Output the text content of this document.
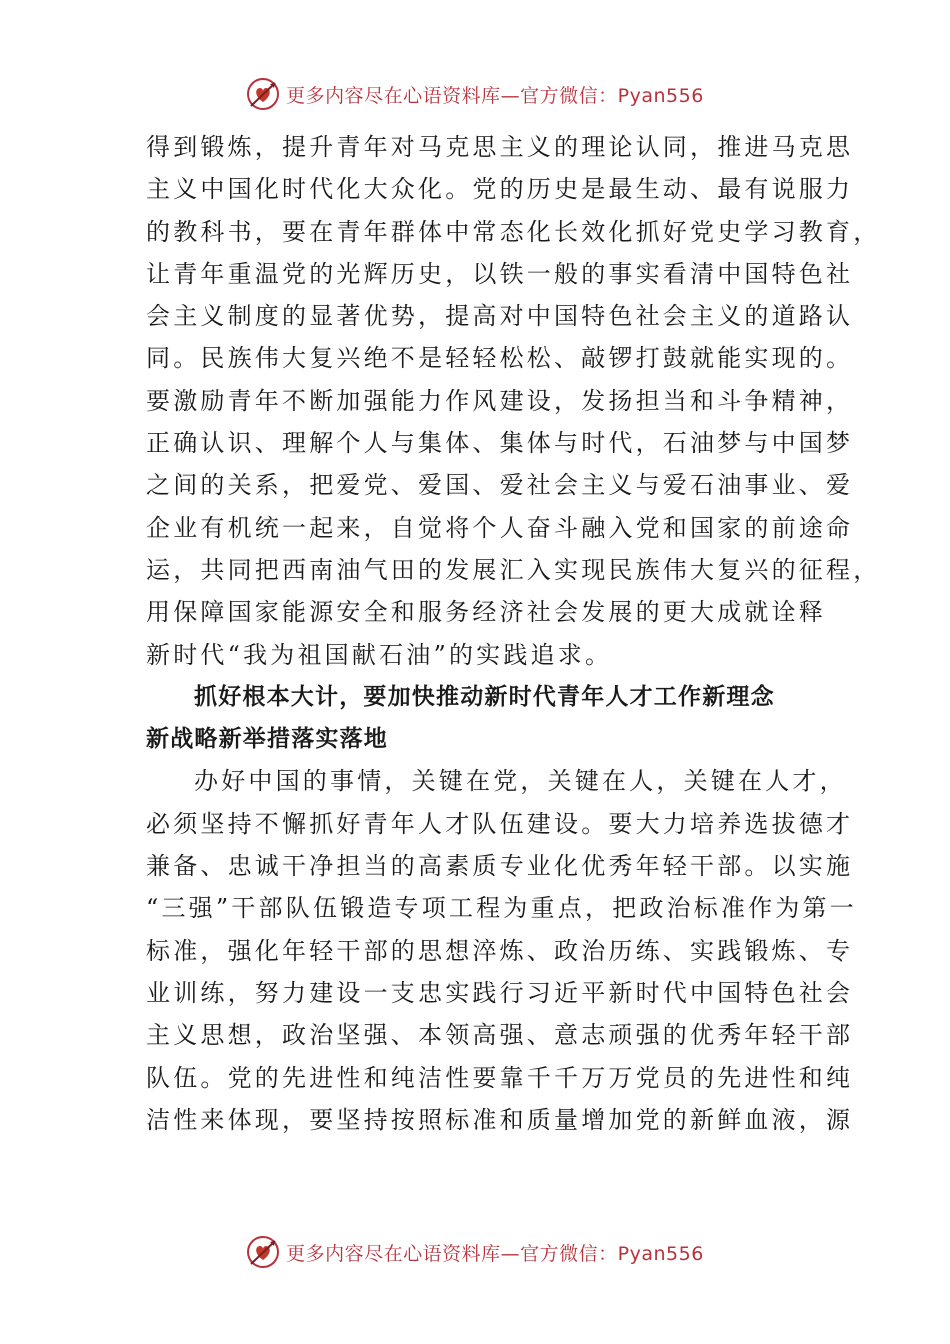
更多内容尽在心语资料库—官方微信：Pyan556
得到锻炼，提升青年对马克思主义的理论认同，推进马克思
主义中国化时代化大众化。党的历史是最生动、最有说服力
的教科书，要在青年群体中常态化长效化抓好党史学习教育，
让青年重温党的光辉历史，以铁一般的事实看清中国特色社
会主义制度的显著优势，提高对中国特色社会主义的道路认
同。民族伟大复兴绝不是轻轻松松、敲锣打鼓就能实现的。
要激励青年不断加强能力作风建设，发扬担当和斗争精神，
正确认识、理解个人与集体、集体与时代，石油梦与中国梦
之间的关系，把爱党、爱国、爱社会主义与爱石油事业、爱
企业有机统一起来，自觉将个人奋斗融入党和国家的前途命
运，共同把西南油气田的发展汇入实现民族伟大复兴的征程，
用保障国家能源安全和服务经济社会发展的更大成就诠释
新时代“我为祖国献石油”的实践追求。
抓好根本大计，要加快推动新时代青年人才工作新理念
新战略新举措落实落地
办好中国的事情，关键在党，关键在人，关键在人才，
必须坚持不懈抓好青年人才队伍建设。要大力培养选拔德才
兼备、忠诚干净担当的高素质专业化优秀年轻干部。以实施
“三强”干部队伍锻造专项工程为重点，把政治标准作为第一
标准，强化年轻干部的思想淬炼、政治历练、实践锻炼、专
业训练，努力建设一支忠实践行习近平新时代中国特色社会
主义思想，政治坚强、本领高强、意志顽强的优秀年轻干部
队伍。党的先进性和纯洁性要靠千千万万党员的先进性和纯
洁性来体现，要坚持按照标准和质量增加党的新鲜血液，源
更多内容尽在心语资料库—官方微信：Pyan556
